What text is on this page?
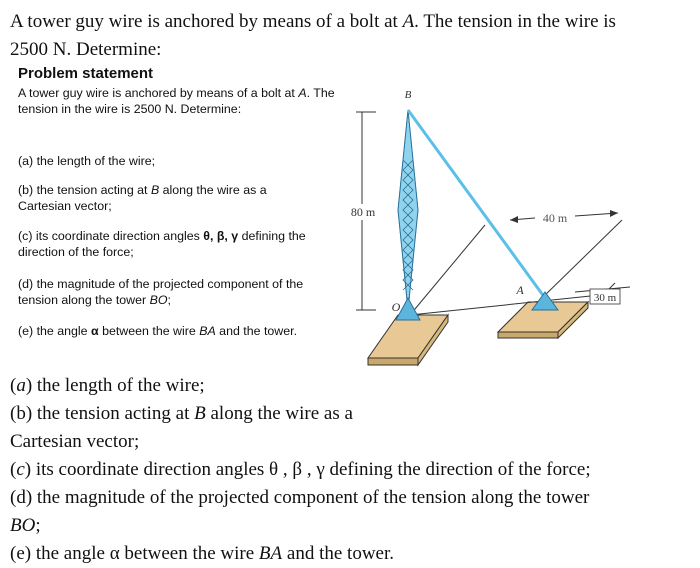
A tower guy wire is anchored by means of a bolt at A. The tension in the wire is
2500 N. Determine:

Problem statement

A tower guy wire is anchored by means of a bolt at A. The tension in the wire is 2500 N. Determine:

(a) the length of the wire;

(b) the tension acting at B along the wire as a Cartesian vector;

(c) its coordinate direction angles θ, β, γ defining the direction of the force;

(d) the magnitude of the projected component of the tension along the tower BO;

(e) the angle α between the wire BA and the tower.

80 m	40 m
30 m
B
O
A

(a) the length of the wire;

(b) the tension acting at B along the wire as a

Cartesian vector;

(c) its coordinate direction angles θ , β , γ defining the direction of the force;

(d) the magnitude of the projected component of the tension along the tower

BO;

(e) the angle α between the wire BA and the tower.
